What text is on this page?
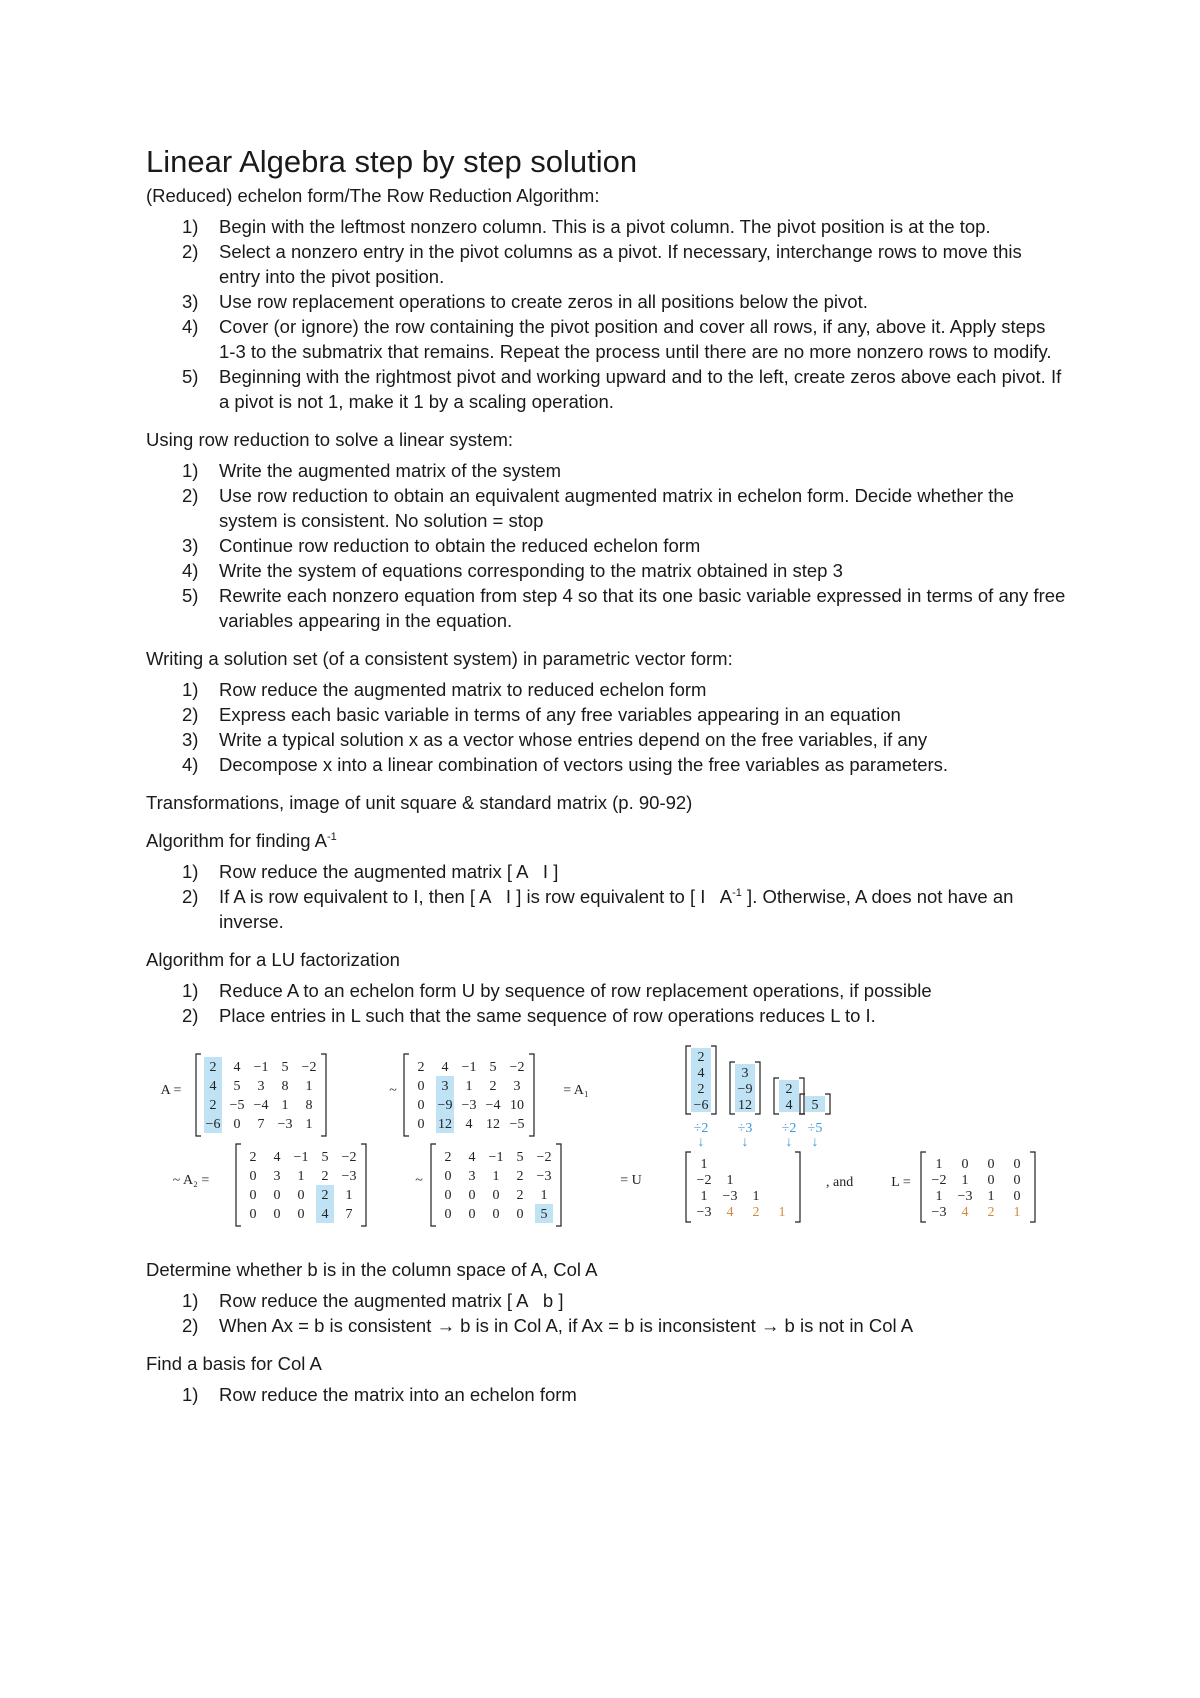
Linear Algebra step by step solution

(Reduced) echelon form/The Row Reduction Algorithm:

1) Begin with the leftmost nonzero column. This is a pivot column. The pivot position is at the top.
2) Select a nonzero entry in the pivot columns as a pivot. If necessary, interchange rows to move this entry into the pivot position.
3) Use row replacement operations to create zeros in all positions below the pivot.
4) Cover (or ignore) the row containing the pivot position and cover all rows, if any, above it. Apply steps 1-3 to the submatrix that remains. Repeat the process until there are no more nonzero rows to modify.
5) Beginning with the rightmost pivot and working upward and to the left, create zeros above each pivot. If a pivot is not 1, make it 1 by a scaling operation.

Using row reduction to solve a linear system:

1) Write the augmented matrix of the system
2) Use row reduction to obtain an equivalent augmented matrix in echelon form. Decide whether the system is consistent. No solution = stop
3) Continue row reduction to obtain the reduced echelon form
4) Write the system of equations corresponding to the matrix obtained in step 3
5) Rewrite each nonzero equation from step 4 so that its one basic variable expressed in terms of any free variables appearing in the equation.

Writing a solution set (of a consistent system) in parametric vector form:

1) Row reduce the augmented matrix to reduced echelon form
2) Express each basic variable in terms of any free variables appearing in an equation
3) Write a typical solution x as a vector whose entries depend on the free variables, if any
4) Decompose x into a linear combination of vectors using the free variables as parameters.

Transformations, image of unit square & standard matrix (p. 90-92)

Algorithm for finding $A^{-1}$

1) Row reduce the augmented matrix [ A   I ]
2) If A is row equivalent to I, then [ A   I ] is row equivalent to [ I   $A^{-1}$ ]. Otherwise, A does not have an inverse.

Algorithm for a LU factorization

1) Reduce A to an echelon form U by sequence of row replacement operations, if possible
2) Place entries in L such that the same sequence of row operations reduces L to I.
A =
2 4 −1 5 −2
4 5 3 8 1
2 −5 −4 1 8
−6 0 7 −3 1
~
2 4 −1 5 −2
0 3 1 2 3
0 −9 −3 −4 10
0 12 4 12 −5
= A₁
~ A₂ =
2 4 −1 5 −2
0 3 1 2 −3
0 0 0 2 1
0 0 0 4 7
~
2 4 −1 5 −2
0 3 1 2 −3
0 0 0 2 1
0 0 0 0 5
= U
2
4
2
−6
3
−9
12
2
4 5
÷2
↓
÷3
↓
÷2
↓
÷5
↓
1
−2 1
1 −3 1
−3 4 2 1
, and	L =
1 0 0 0
−2 1 0 0
1 −3 1 0
−3 4 2 1

Determine whether b is in the column space of A, Col A

1) Row reduce the augmented matrix [ A   b ]
2) When Ax = b is consistent → b is in Col A, if Ax = b is inconsistent → b is not in Col A

Find a basis for Col A

1) Row reduce the matrix into an echelon form
